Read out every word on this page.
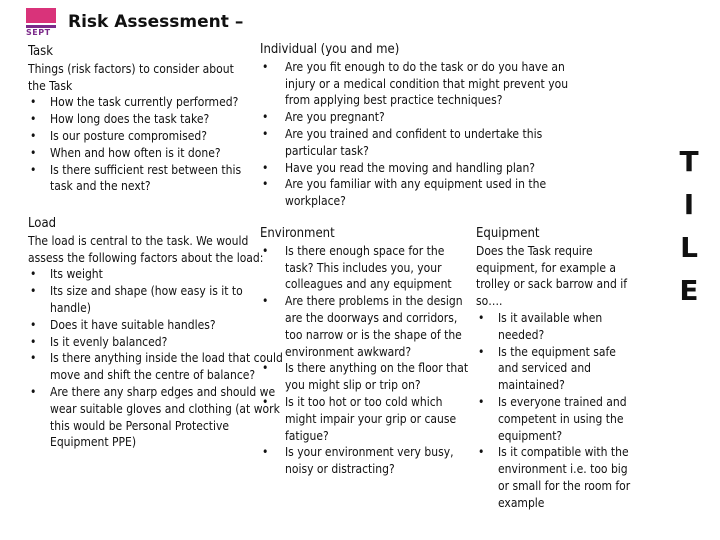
SEPT
Risk Assessment –
Task

Things (risk factors) to consider about the Task

• How the task currently performed?
• How long does the task take?
• Is our posture compromised?
• When and how often is it done?
• Is there sufficient rest between this task and the next?
Individual (you and me)
• Are you fit enough to do the task or do you have an injury or a medical condition that might prevent you from applying best practice techniques?
• Are you pregnant?
• Are you trained and confident to undertake this particular task?
• Have you read the moving and handling plan?
• Are you familiar with any equipment used in the workplace?
Load

The load is central to the task. We would assess the following factors about the load:

• Its weight
• Its size and shape (how easy is it to handle)
• Does it have suitable handles?
• Is it evenly balanced?
• Is there anything inside the load that could move and shift the centre of balance?
• Are there any sharp edges and should we wear suitable gloves and clothing (at work this would be Personal Protective Equipment PPE)
Environment
• Is there enough space for the task? This includes you, your colleagues and any equipment
• Are there problems in the design are the doorways and corridors, too narrow or is the shape of the environment awkward?
• Is there anything on the floor that you might slip or trip on?
• Is it too hot or too cold which might impair your grip or cause fatigue?
• Is your environment very busy, noisy or distracting?
Equipment

Does the Task require equipment, for example a trolley or sack barrow and if so….

• Is it available when needed?
• Is the equipment safe and serviced and maintained?
• Is everyone trained and competent in using the equipment?
• Is it compatible with the environment i.e. too big or small for the room for example
T
I
L
E
